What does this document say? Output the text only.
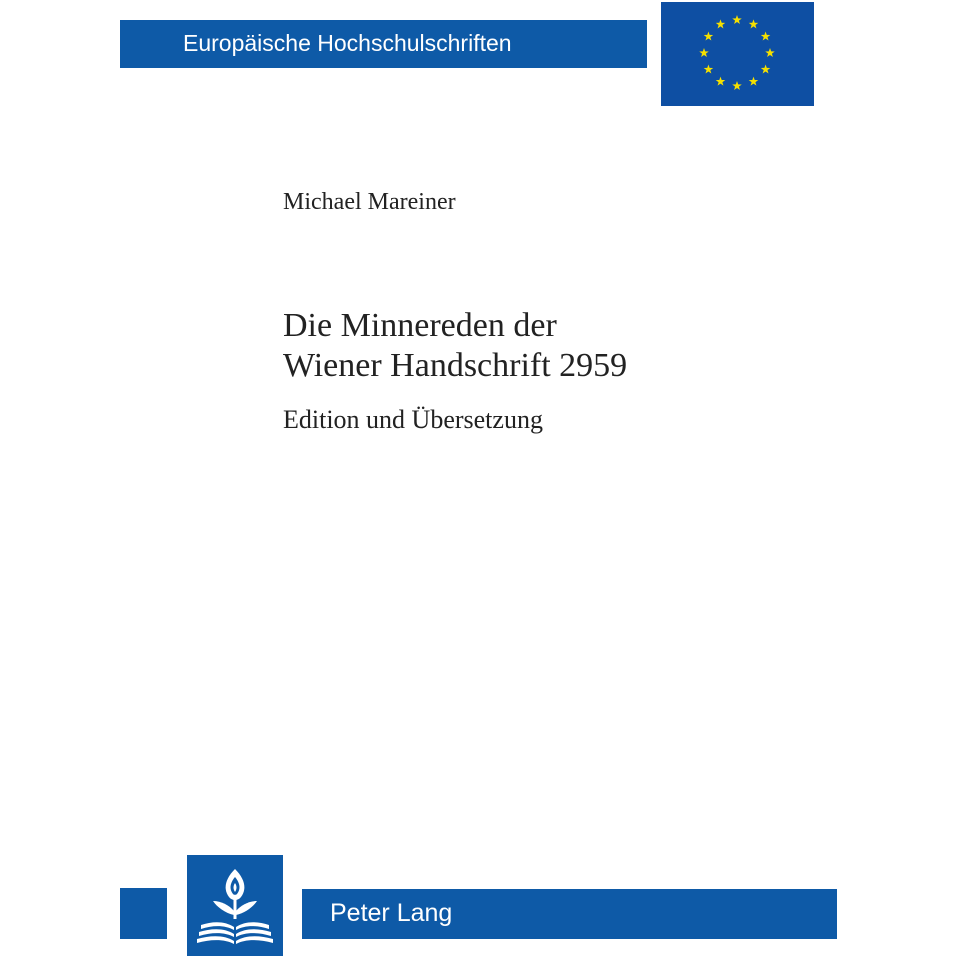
Europäische Hochschulschriften
Michael Mareiner
Die Minnereden der
Wiener Handschrift 2959
Edition und Übersetzung
Peter Lang
